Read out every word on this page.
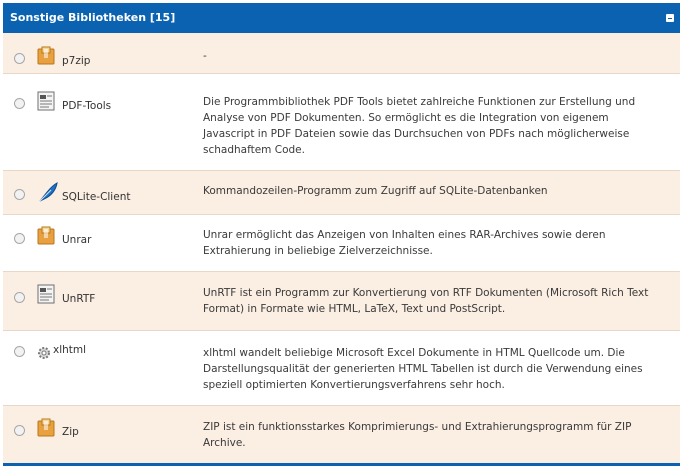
Sonstige Bibliotheken [15]
p7zip	-
PDF-Tools	Die Programmbibliothek PDF Tools bietet zahlreiche Funktionen zur Erstellung und Analyse von PDF Dokumenten. So ermöglicht es die Integration von eigenem Javascript in PDF Dateien sowie das Durchsuchen von PDFs nach möglicherweise schadhaftem Code.
SQLite-Client	Kommandozeilen-Programm zum Zugriff auf SQLite-Datenbanken
Unrar	Unrar ermöglicht das Anzeigen von Inhalten eines RAR-Archives sowie deren Extrahierung in beliebige Zielverzeichnisse.
UnRTF	UnRTF ist ein Programm zur Konvertierung von RTF Dokumenten (Microsoft Rich Text Format) in Formate wie HTML, LaTeX, Text und PostScript.
xlhtml	xlhtml wandelt beliebige Microsoft Excel Dokumente in HTML Quellcode um. Die Darstellungsqualität der generierten HTML Tabellen ist durch die Verwendung eines speziell optimierten Konvertierungsverfahrens sehr hoch.
Zip	ZIP ist ein funktionsstarkes Komprimierungs- und Extrahierungsprogramm für ZIP Archive.
